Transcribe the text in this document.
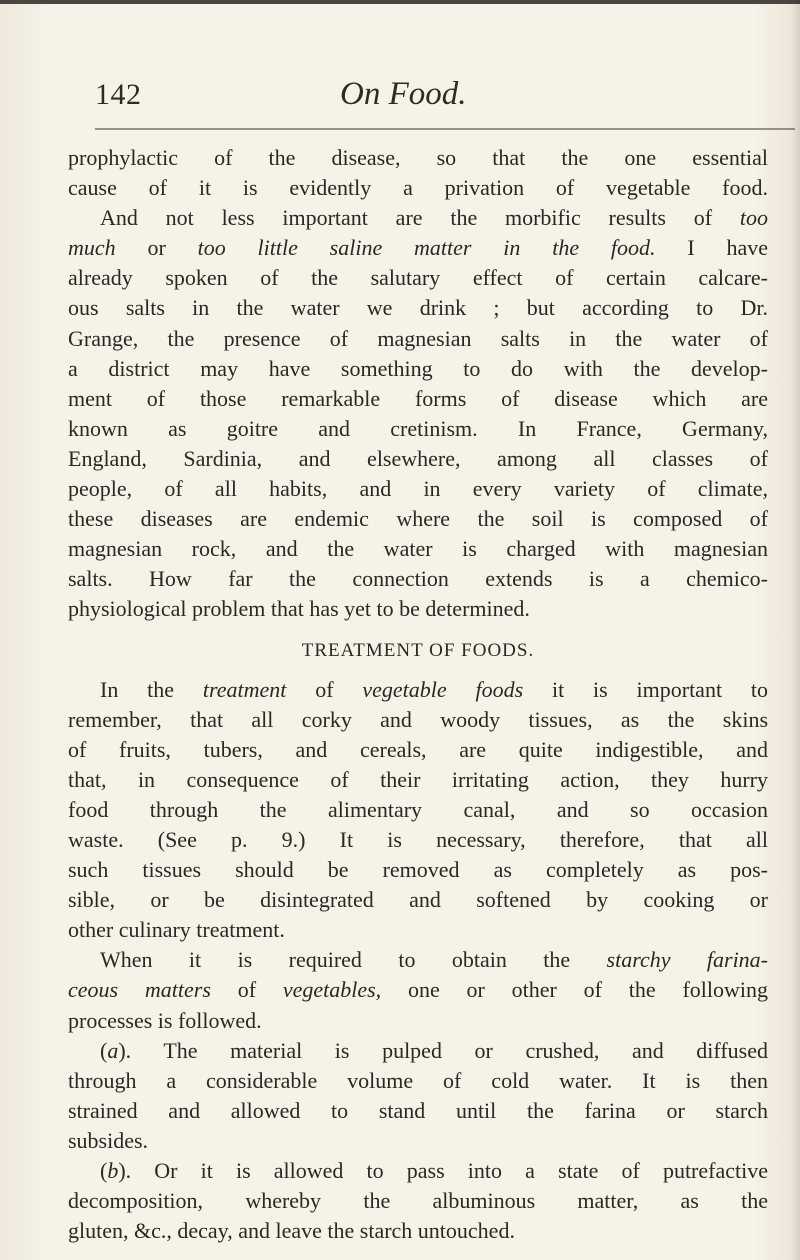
142	On Food.
prophylactic of the disease, so that the one essential
cause of it is evidently a privation of vegetable food.
And not less important are the morbific results of too
much or too little saline matter in the food. I have
already spoken of the salutary effect of certain calcare-
ous salts in the water we drink ; but according to Dr.
Grange, the presence of magnesian salts in the water of
a district may have something to do with the develop-
ment of those remarkable forms of disease which are
known as goitre and cretinism. In France, Germany,
England, Sardinia, and elsewhere, among all classes of
people, of all habits, and in every variety of climate,
these diseases are endemic where the soil is composed of
magnesian rock, and the water is charged with magnesian
salts. How far the connection extends is a chemico-
physiological problem that has yet to be determined.
TREATMENT OF FOODS.
In the treatment of vegetable foods it is important to
remember, that all corky and woody tissues, as the skins
of fruits, tubers, and cereals, are quite indigestible, and
that, in consequence of their irritating action, they hurry
food through the alimentary canal, and so occasion
waste. (See p. 9.) It is necessary, therefore, that all
such tissues should be removed as completely as pos-
sible, or be disintegrated and softened by cooking or
other culinary treatment.
When it is required to obtain the starchy farina-
ceous matters of vegetables, one or other of the following
processes is followed.
(a). The material is pulped or crushed, and diffused
through a considerable volume of cold water. It is then
strained and allowed to stand until the farina or starch
subsides.
(b). Or it is allowed to pass into a state of putrefactive
decomposition, whereby the albuminous matter, as the
gluten, &c., decay, and leave the starch untouched.
